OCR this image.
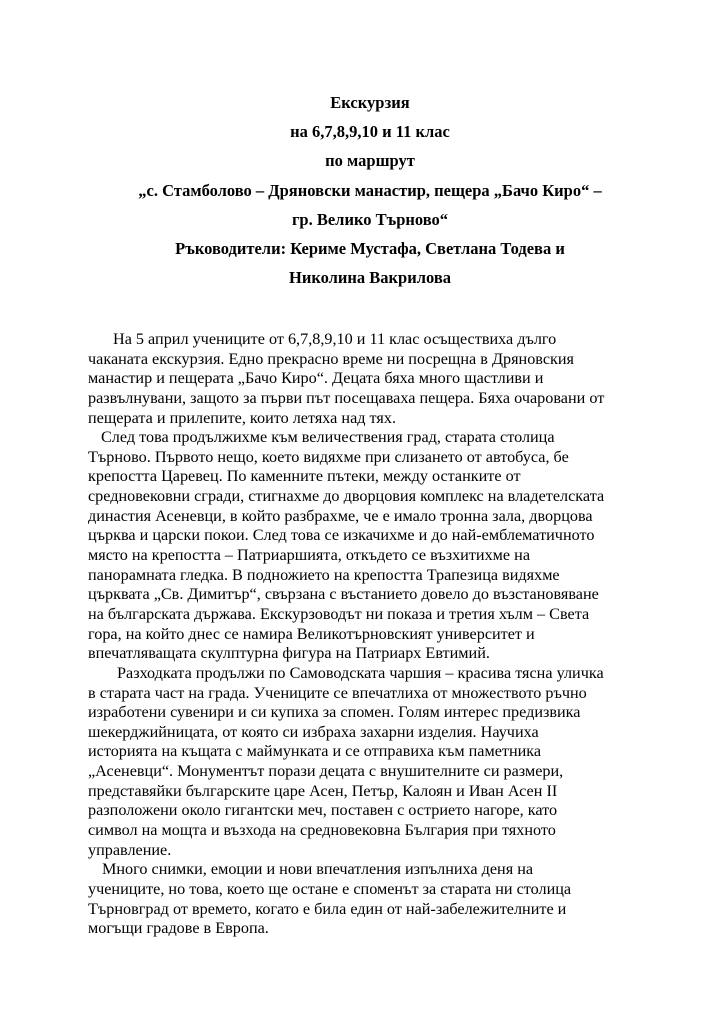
Екскурзия
на 6,7,8,9,10 и 11 клас
по маршрут
„с. Стамболово – Дряновски манастир, пещера „Бачо Киро“ –
гр. Велико Търново“
Ръководители: Кериме Мустафа, Светлана Тодева и
Николина Вакрилова
На 5 април учениците от 6,7,8,9,10 и 11 клас осъществиха дълго
чаканата екскурзия. Едно прекрасно време ни посрещна в Дряновския
манастир и пещерата „Бачо Киро“. Децата бяха много щастливи и
развълнувани, защото за първи път посещаваха пещера. Бяха очаровани от
пещерата и прилепите, които летяха над тях.
След това продължихме към величествения град, старата столица
Търново. Първото нещо, което видяхме при слизането от автобуса, бе
крепостта Царевец. По каменните пътеки, между останките от
средновековни сгради, стигнахме до дворцовия комплекс на владетелската
династия Асеневци, в който разбрахме, че е имало тронна зала, дворцова
църква и царски покои. След това се изкачихме и до най-емблематичното
място на крепостта – Патриаршията, откъдето се възхитихме на
панорамната гледка. В подножието на крепостта Трапезица видяхме
църквата „Св. Димитър“, свързана с въстанието довело до възстановяване
на българската държава. Екскурзоводът ни показа и третия хълм – Света
гора, на който днес се намира Великотърновският университет и
впечатляващата скулптурна фигура на Патриарх Евтимий.
Разходката продължи по Самоводската чаршия – красива тясна уличка
в старата част на града. Учениците се впечатлиха от множеството ръчно
изработени сувенири и си купиха за спомен. Голям интерес предизвика
шекерджийницата, от която си избраха захарни изделия. Научиха
историята на къщата с маймунката и се отправиха към паметника
„Асеневци“. Монументът порази децата с внушителните си размери,
представяйки българските царе Асен, Петър, Калоян и Иван Асен II
разположени около гигантски меч, поставен с острието нагоре, като
символ на мощта и възхода на средновековна България при тяхното
управление.
Много снимки, емоции и нови впечатления изпълниха деня на
учениците, но това, което ще остане е споменът за старата ни столица
Търновград от времето, когато е била един от най-забележителните и
могъщи градове в Европа.
